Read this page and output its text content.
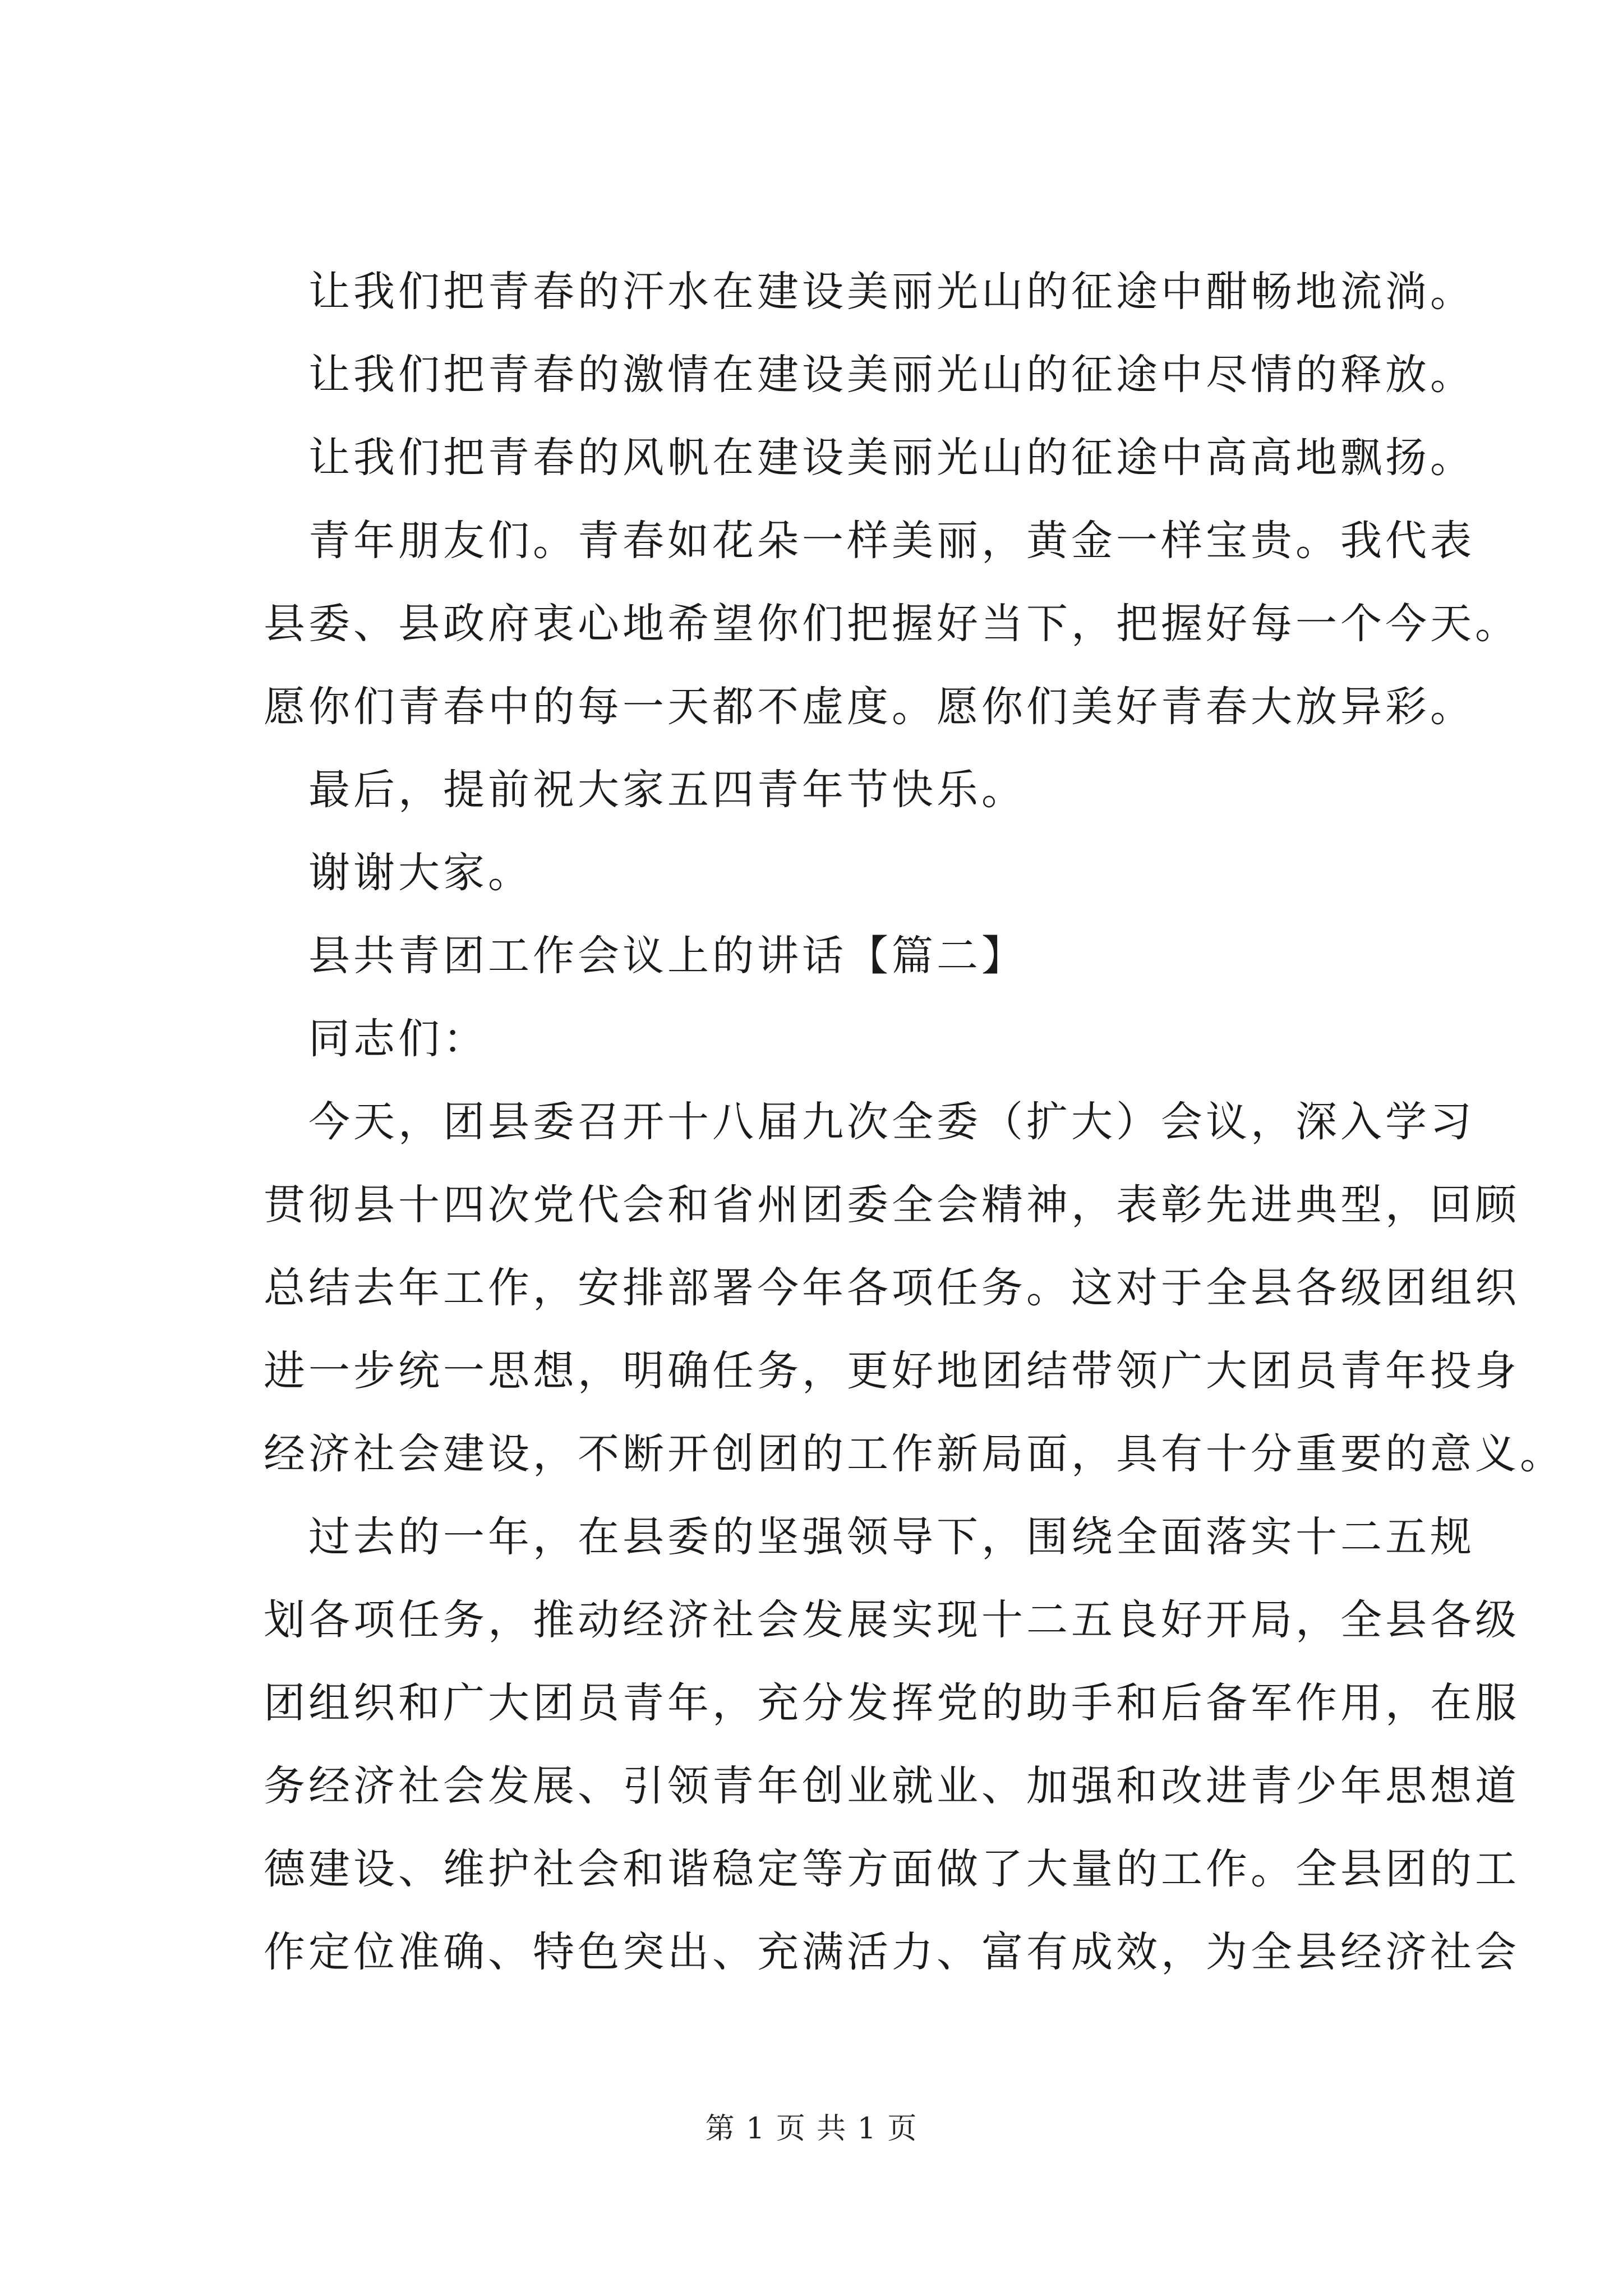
让我们把青春的汗水在建设美丽光山的征途中酣畅地流淌。
让我们把青春的激情在建设美丽光山的征途中尽情的释放。
让我们把青春的风帆在建设美丽光山的征途中高高地飘扬。
青年朋友们。青春如花朵一样美丽，黄金一样宝贵。我代表
县委、县政府衷心地希望你们把握好当下，把握好每一个今天。
愿你们青春中的每一天都不虚度。愿你们美好青春大放异彩。
最后，提前祝大家五四青年节快乐。
谢谢大家。
县共青团工作会议上的讲话【篇二】
同志们：
今天，团县委召开十八届九次全委（扩大）会议，深入学习
贯彻县十四次党代会和省州团委全会精神，表彰先进典型，回顾
总结去年工作，安排部署今年各项任务。这对于全县各级团组织
进一步统一思想，明确任务，更好地团结带领广大团员青年投身
经济社会建设，不断开创团的工作新局面，具有十分重要的意义。
过去的一年，在县委的坚强领导下，围绕全面落实十二五规
划各项任务，推动经济社会发展实现十二五良好开局，全县各级
团组织和广大团员青年，充分发挥党的助手和后备军作用，在服
务经济社会发展、引领青年创业就业、加强和改进青少年思想道
德建设、维护社会和谐稳定等方面做了大量的工作。全县团的工
作定位准确、特色突出、充满活力、富有成效，为全县经济社会
第 1 页 共 1 页
